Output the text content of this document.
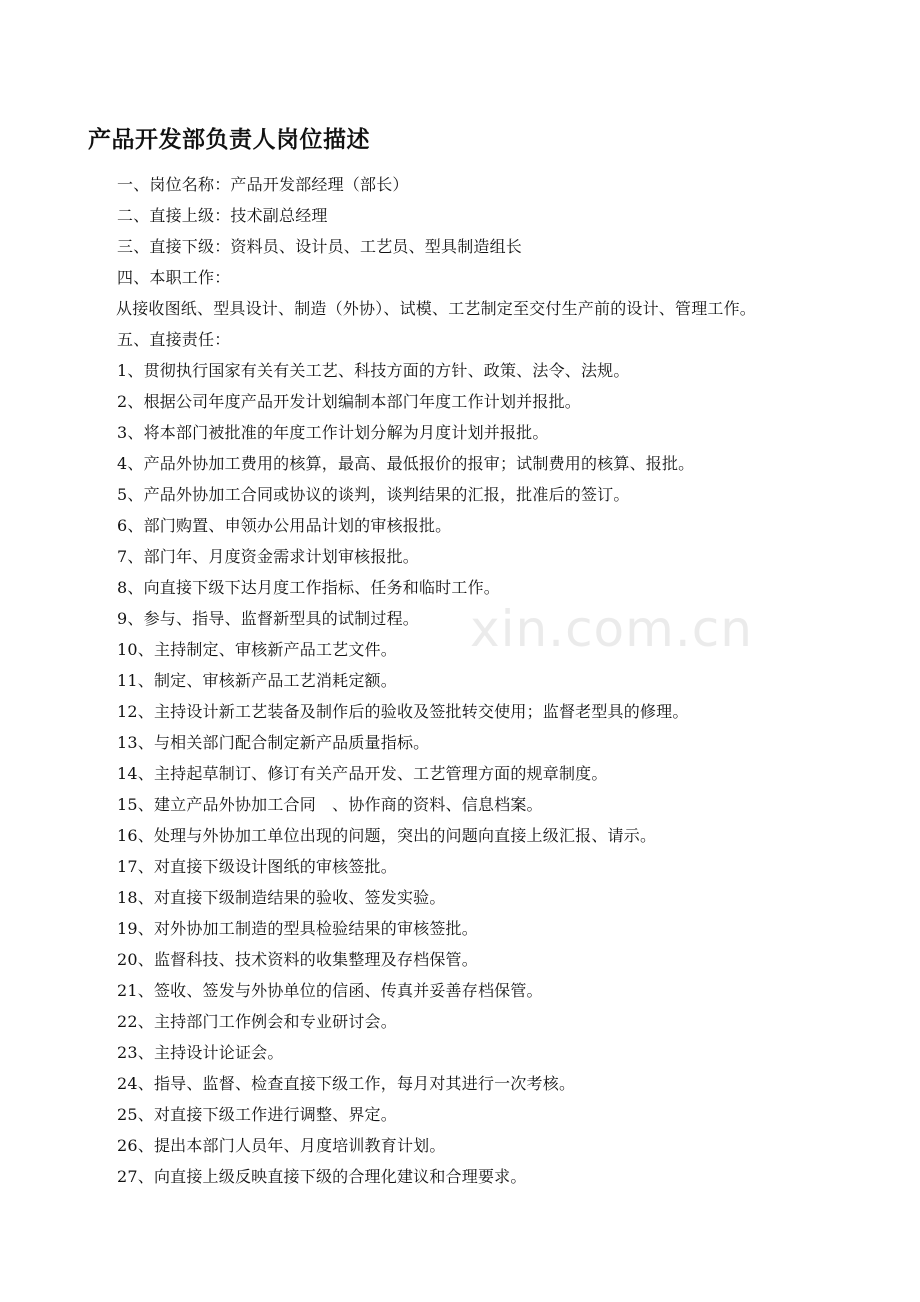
产品开发部负责人岗位描述
一、岗位名称：产品开发部经理（部长）
二、直接上级：技术副总经理
三、直接下级：资料员、设计员、工艺员、型具制造组长
四、本职工作：
从接收图纸、型具设计、制造（外协）、试模、工艺制定至交付生产前的设计、管理工作。
五、直接责任：
1、贯彻执行国家有关有关工艺、科技方面的方针、政策、法令、法规。
2、根据公司年度产品开发计划编制本部门年度工作计划并报批。
3、将本部门被批准的年度工作计划分解为月度计划并报批。
4、产品外协加工费用的核算，最高、最低报价的报审；试制费用的核算、报批。
5、产品外协加工合同或协议的谈判，谈判结果的汇报，批准后的签订。
6、部门购置、申领办公用品计划的审核报批。
7、部门年、月度资金需求计划审核报批。
8、向直接下级下达月度工作指标、任务和临时工作。
9、参与、指导、监督新型具的试制过程。
10、主持制定、审核新产品工艺文件。
11、制定、审核新产品工艺消耗定额。
12、主持设计新工艺装备及制作后的验收及签批转交使用；监督老型具的修理。
13、与相关部门配合制定新产品质量指标。
14、主持起草制订、修订有关产品开发、工艺管理方面的规章制度。
15、建立产品外协加工合同　、协作商的资料、信息档案。
16、处理与外协加工单位出现的问题，突出的问题向直接上级汇报、请示。
17、对直接下级设计图纸的审核签批。
18、对直接下级制造结果的验收、签发实验。
19、对外协加工制造的型具检验结果的审核签批。
20、监督科技、技术资料的收集整理及存档保管。
21、签收、签发与外协单位的信函、传真并妥善存档保管。
22、主持部门工作例会和专业研讨会。
23、主持设计论证会。
24、指导、监督、检查直接下级工作，每月对其进行一次考核。
25、对直接下级工作进行调整、界定。
26、提出本部门人员年、月度培训教育计划。
27、向直接上级反映直接下级的合理化建议和合理要求。
xin.com.cn
